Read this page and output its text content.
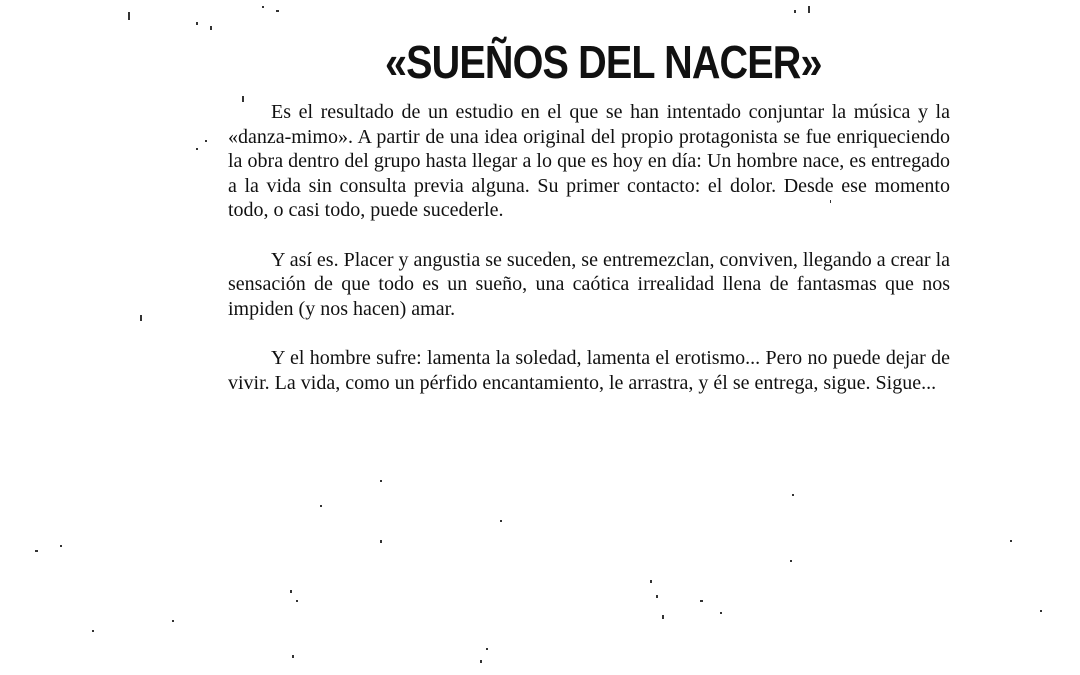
«SUEÑOS DEL NACER»

Es el resultado de un estudio en el que se han intentado conjuntar la música y la «danza-mimo». A partir de una idea original del propio protagonista se fue enriqueciendo la obra dentro del grupo hasta llegar a lo que es hoy en día: Un hombre nace, es entregado a la vida sin consulta previa alguna. Su primer contacto: el dolor. Desde ese momento todo, o casi todo, puede sucederle.

Y así es. Placer y angustia se suceden, se entremezclan, conviven, llegando a crear la sensación de que todo es un sueño, una caótica irrealidad llena de fantasmas que nos impiden (y nos hacen) amar.

Y el hombre sufre: lamenta la soledad, lamenta el erotismo... Pero no puede dejar de vivir. La vida, como un pérfido encantamiento, le arrastra, y él se entrega, sigue. Sigue...
